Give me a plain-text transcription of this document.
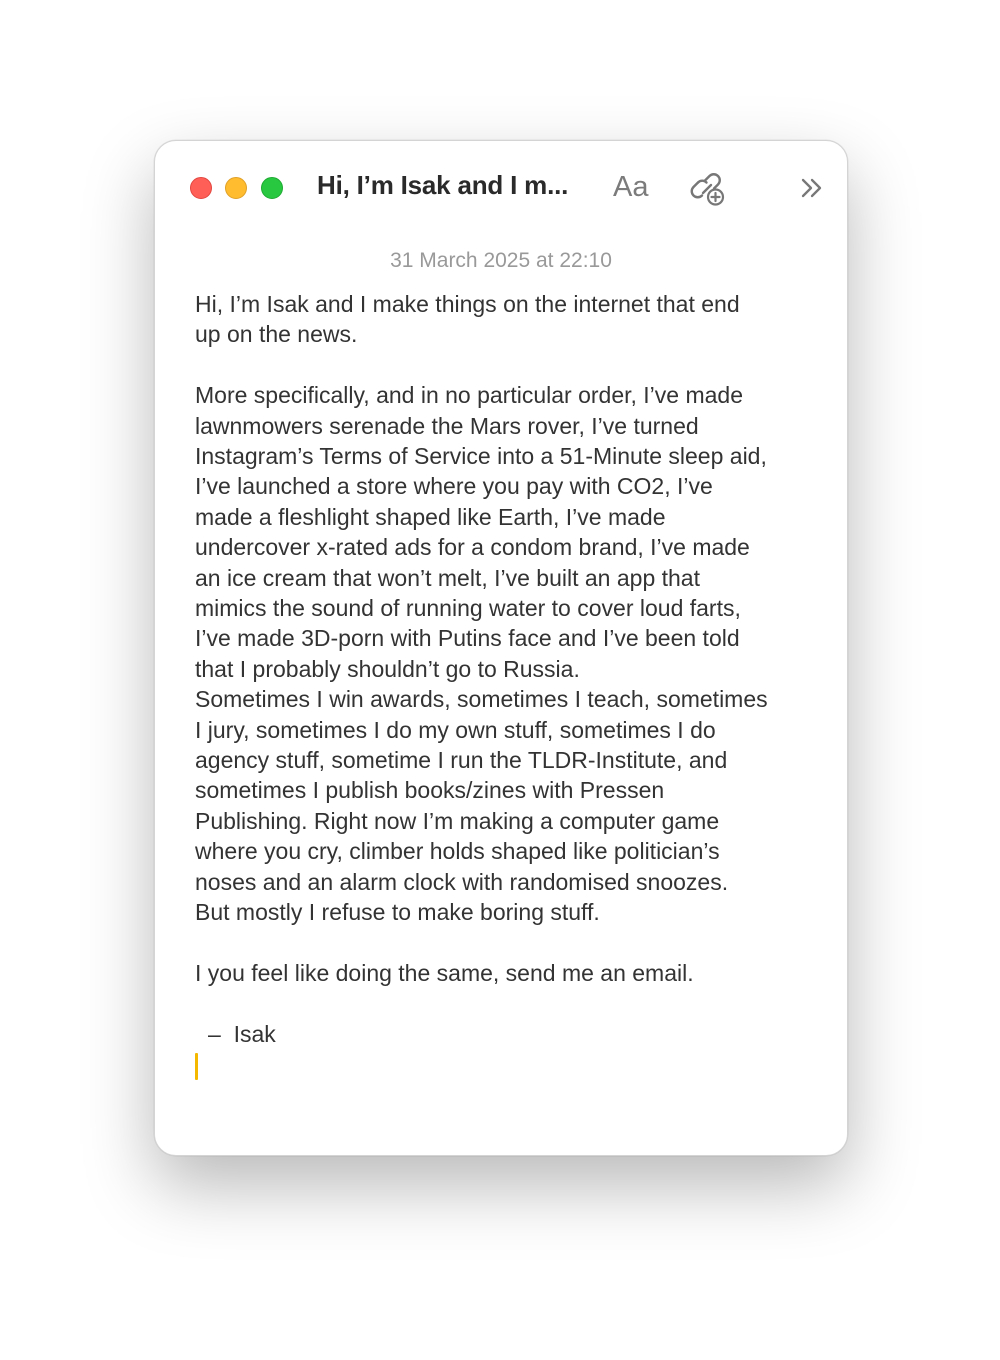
Hi, I’m Isak and I m... Aa
31 March 2025 at 22:10

Hi, I’m Isak and I make things on the internet that end
up on the news.

More specifically, and in no particular order, I’ve made
lawnmowers serenade the Mars rover, I’ve turned
Instagram’s Terms of Service into a 51-Minute sleep aid,
I’ve launched a store where you pay with CO2, I’ve
made a fleshlight shaped like Earth, I’ve made
undercover x-rated ads for a condom brand, I’ve made
an ice cream that won’t melt, I’ve built an app that
mimics the sound of running water to cover loud farts,
I’ve made 3D-porn with Putins face and I’ve been told
that I probably shouldn’t go to Russia.

Sometimes I win awards, sometimes I teach, sometimes
I jury, sometimes I do my own stuff, sometimes I do
agency stuff, sometime I run the TLDR-Institute, and
sometimes I publish books/zines with Pressen
Publishing. Right now I’m making a computer game
where you cry, climber holds shaped like politician’s
noses and an alarm clock with randomised snoozes.
But mostly I refuse to make boring stuff.

I you feel like doing the same, send me an email.

–  Isak
